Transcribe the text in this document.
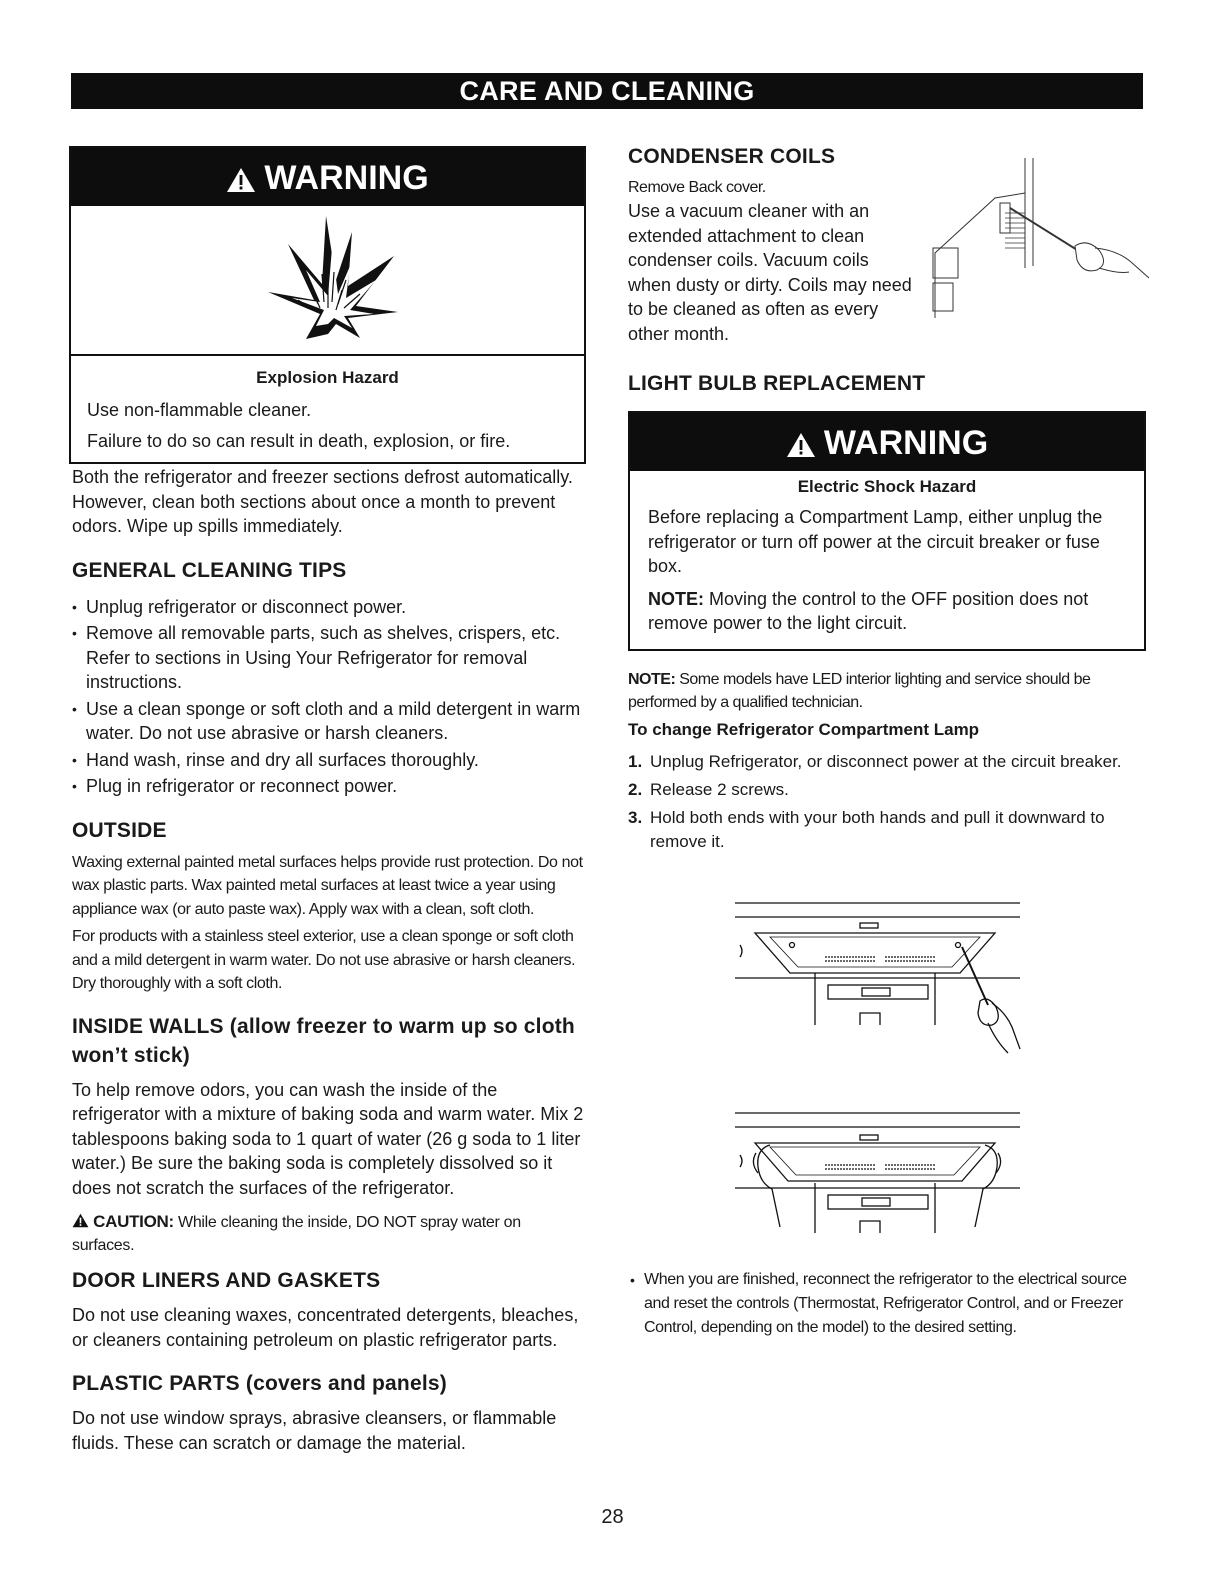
CARE AND CLEANING
WARNING
Explosion Hazard
Use non-flammable cleaner.
Failure to do so can result in death, explosion, or fire.
Both the refrigerator and freezer sections defrost automatically. However, clean both sections about once a month to prevent odors. Wipe up spills immediately.
GENERAL CLEANING TIPS
• Unplug refrigerator or disconnect power.
• Remove all removable parts, such as shelves, crispers, etc. Refer to sections in Using Your Refrigerator for removal instructions.
• Use a clean sponge or soft cloth and a mild detergent in warm water. Do not use abrasive or harsh cleaners.
• Hand wash, rinse and dry all surfaces thoroughly.
• Plug in refrigerator or reconnect power.
OUTSIDE
Waxing external painted metal surfaces helps provide rust protection. Do not wax plastic parts. Wax painted metal surfaces at least twice a year using appliance wax (or auto paste wax). Apply wax with a clean, soft cloth.
For products with a stainless steel exterior, use a clean sponge or soft cloth and a mild detergent in warm water. Do not use abrasive or harsh cleaners. Dry thoroughly with a soft cloth.
INSIDE WALLS (allow freezer to warm up so cloth won’t stick)
To help remove odors, you can wash the inside of the refrigerator with a mixture of baking soda and warm water. Mix 2 tablespoons baking soda to 1 quart of water (26 g soda to 1 liter water.) Be sure the baking soda is completely dissolved so it does not scratch the surfaces of the refrigerator.
CAUTION: While cleaning the inside, DO NOT spray water on surfaces.
DOOR LINERS AND GASKETS
Do not use cleaning waxes, concentrated detergents, bleaches, or cleaners containing petroleum on plastic refrigerator parts.
PLASTIC PARTS (covers and panels)
Do not use window sprays, abrasive cleansers, or flammable fluids. These can scratch or damage the material.
CONDENSER COILS
Remove Back cover.
Use a vacuum cleaner with an extended attachment to clean condenser coils. Vacuum coils when dusty or dirty. Coils may need to be cleaned as often as every other month.
LIGHT BULB REPLACEMENT
WARNING
Electric Shock Hazard
Before replacing a Compartment Lamp, either unplug the refrigerator or turn off power at the circuit breaker or fuse box.
NOTE: Moving the control to the OFF position does not remove power to the light circuit.
NOTE: Some models have LED interior lighting and service should be performed by a qualified technician.
To change Refrigerator Compartment Lamp
1. Unplug Refrigerator, or disconnect power at the circuit breaker.
2. Release 2 screws.
3. Hold both ends with your both hands and pull it downward to remove it.
• When you are finished, reconnect the refrigerator to the electrical source and reset the controls (Thermostat, Refrigerator Control, and or Freezer Control, depending on the model) to the desired setting.
28
